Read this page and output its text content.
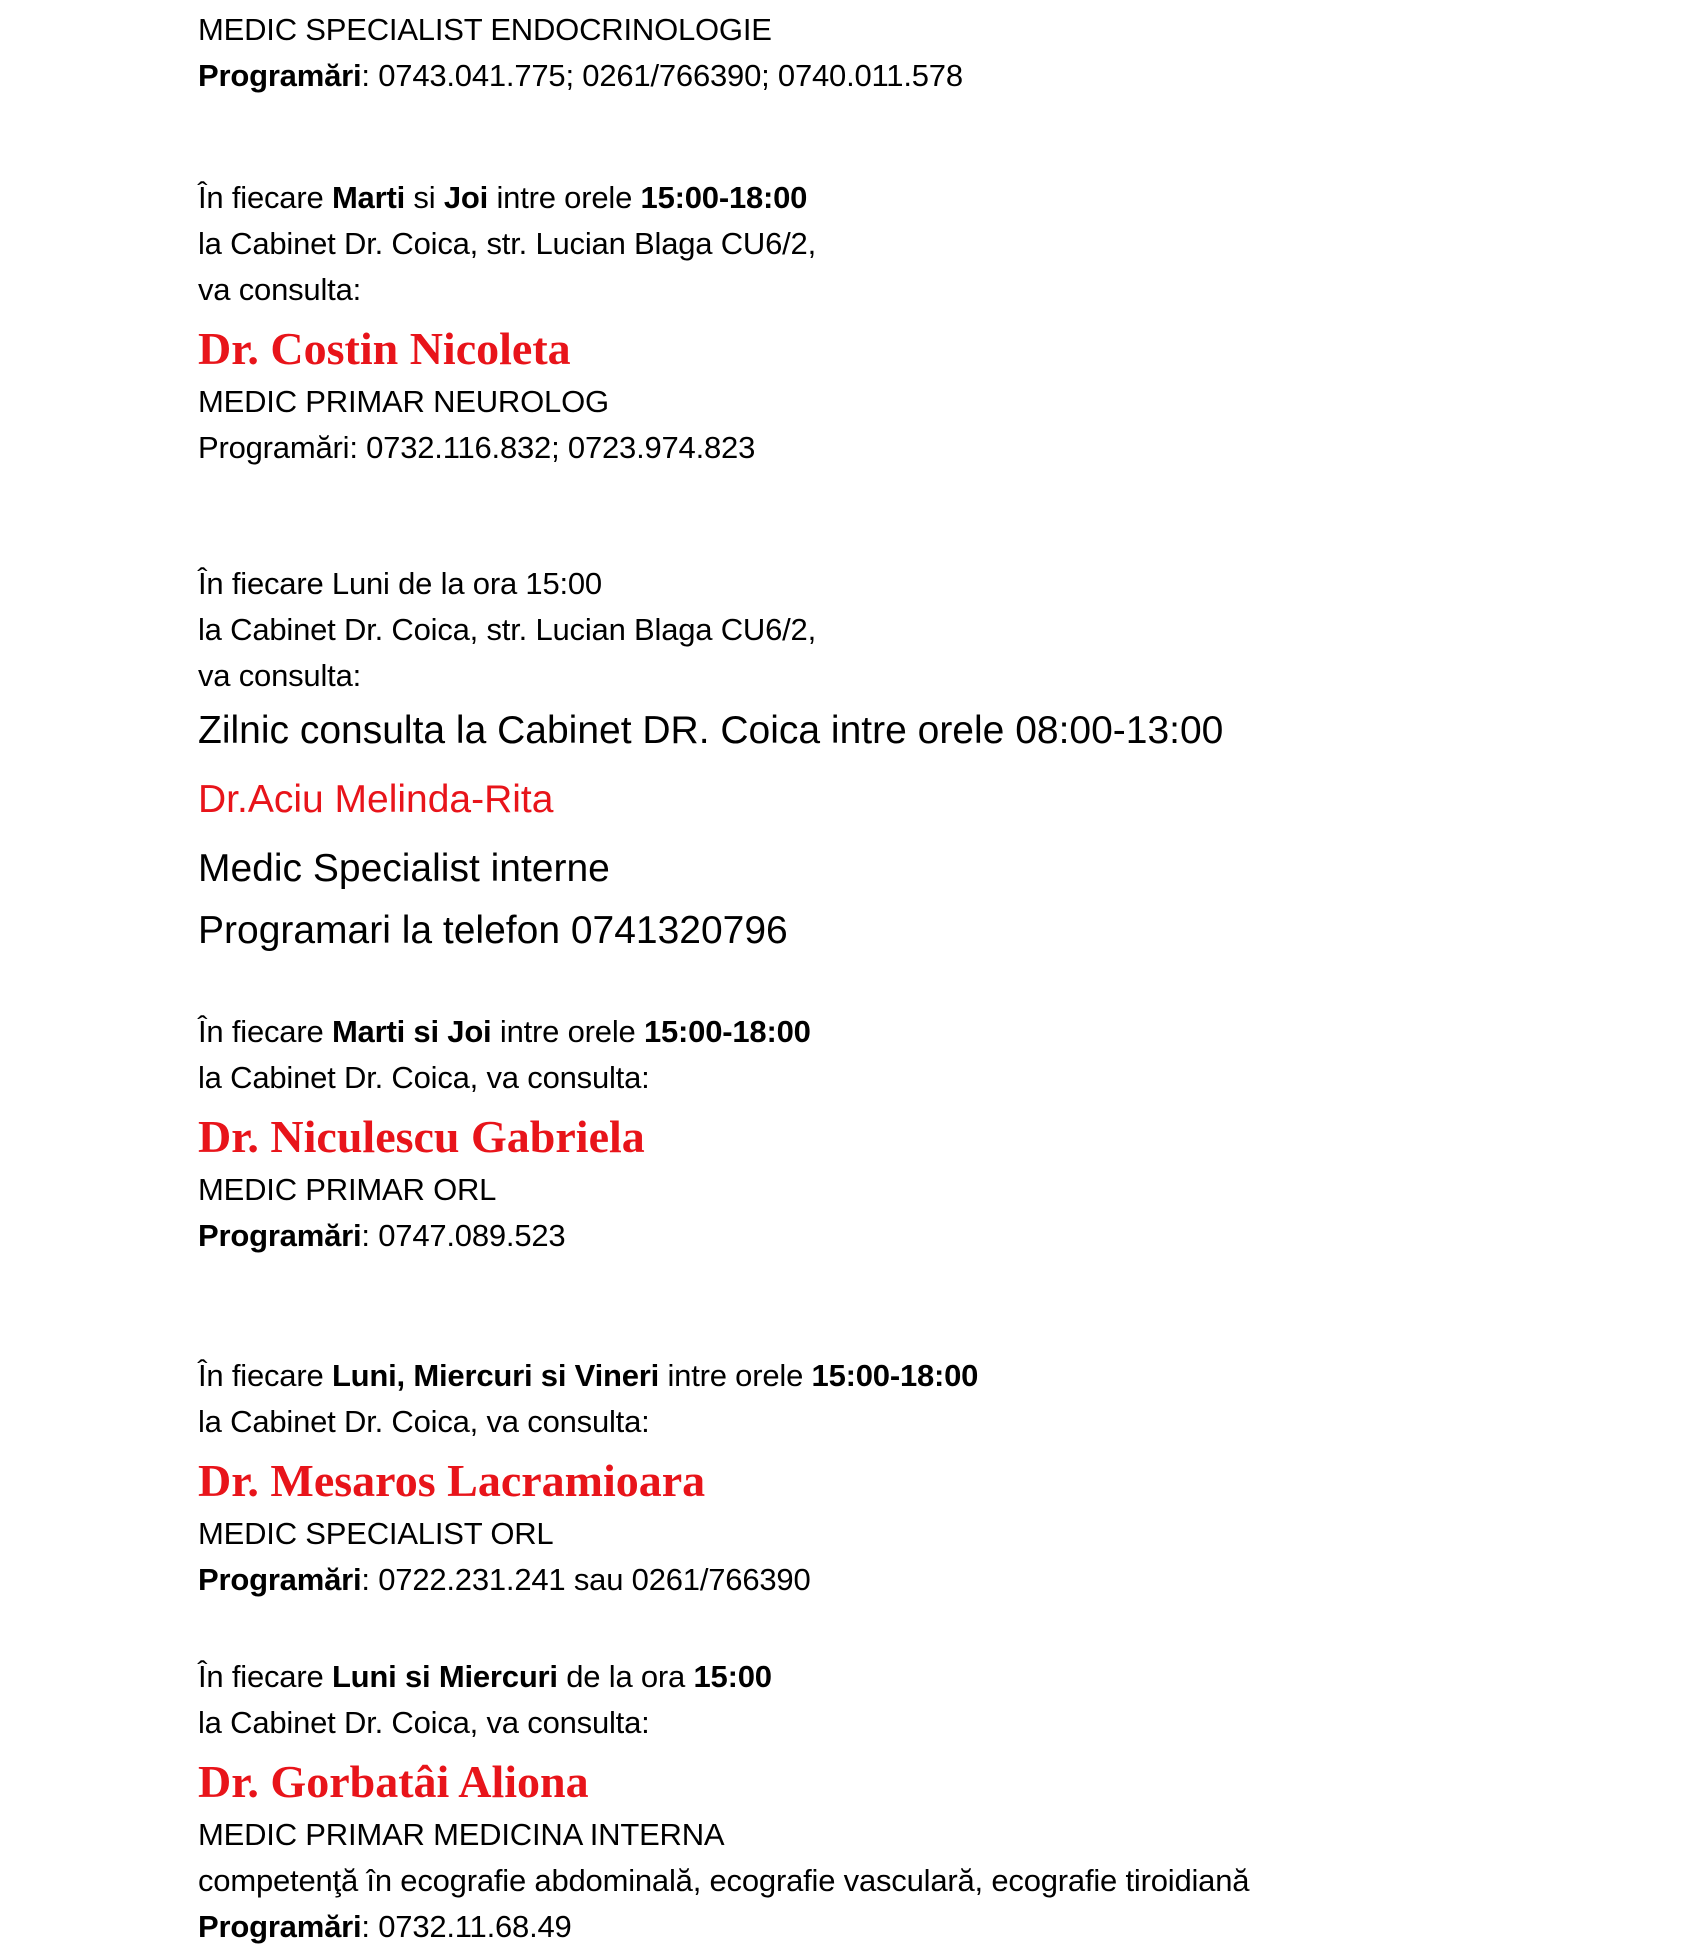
MEDIC SPECIALIST ENDOCRINOLOGIE
Programări: 0743.041.775; 0261/766390; 0740.011.578
În fiecare Marti si Joi intre orele 15:00-18:00
la Cabinet Dr. Coica, str. Lucian Blaga CU6/2,
va consulta:
Dr. Costin Nicoleta
MEDIC PRIMAR NEUROLOG
Programări: 0732.116.832; 0723.974.823
În fiecare Luni de la ora 15:00
la Cabinet Dr. Coica, str. Lucian Blaga CU6/2,
va consulta:
Zilnic consulta la Cabinet DR. Coica intre orele 08:00-13:00
Dr.Aciu Melinda-Rita
Medic Specialist interne
Programari la telefon 0741320796
În fiecare Marti si Joi intre orele 15:00-18:00
la Cabinet Dr. Coica, va consulta:
Dr. Niculescu Gabriela
MEDIC PRIMAR ORL
Programări: 0747.089.523
În fiecare Luni, Miercuri si Vineri intre orele 15:00-18:00
la Cabinet Dr. Coica, va consulta:
Dr. Mesaros Lacramioara
MEDIC SPECIALIST ORL
Programări: 0722.231.241 sau 0261/766390
În fiecare Luni si Miercuri de la ora 15:00
la Cabinet Dr. Coica, va consulta:
Dr. Gorbatâi Aliona
MEDIC PRIMAR MEDICINA INTERNA
competenţă în ecografie abdominală, ecografie vasculară, ecografie tiroidiană
Programări: 0732.11.68.49
